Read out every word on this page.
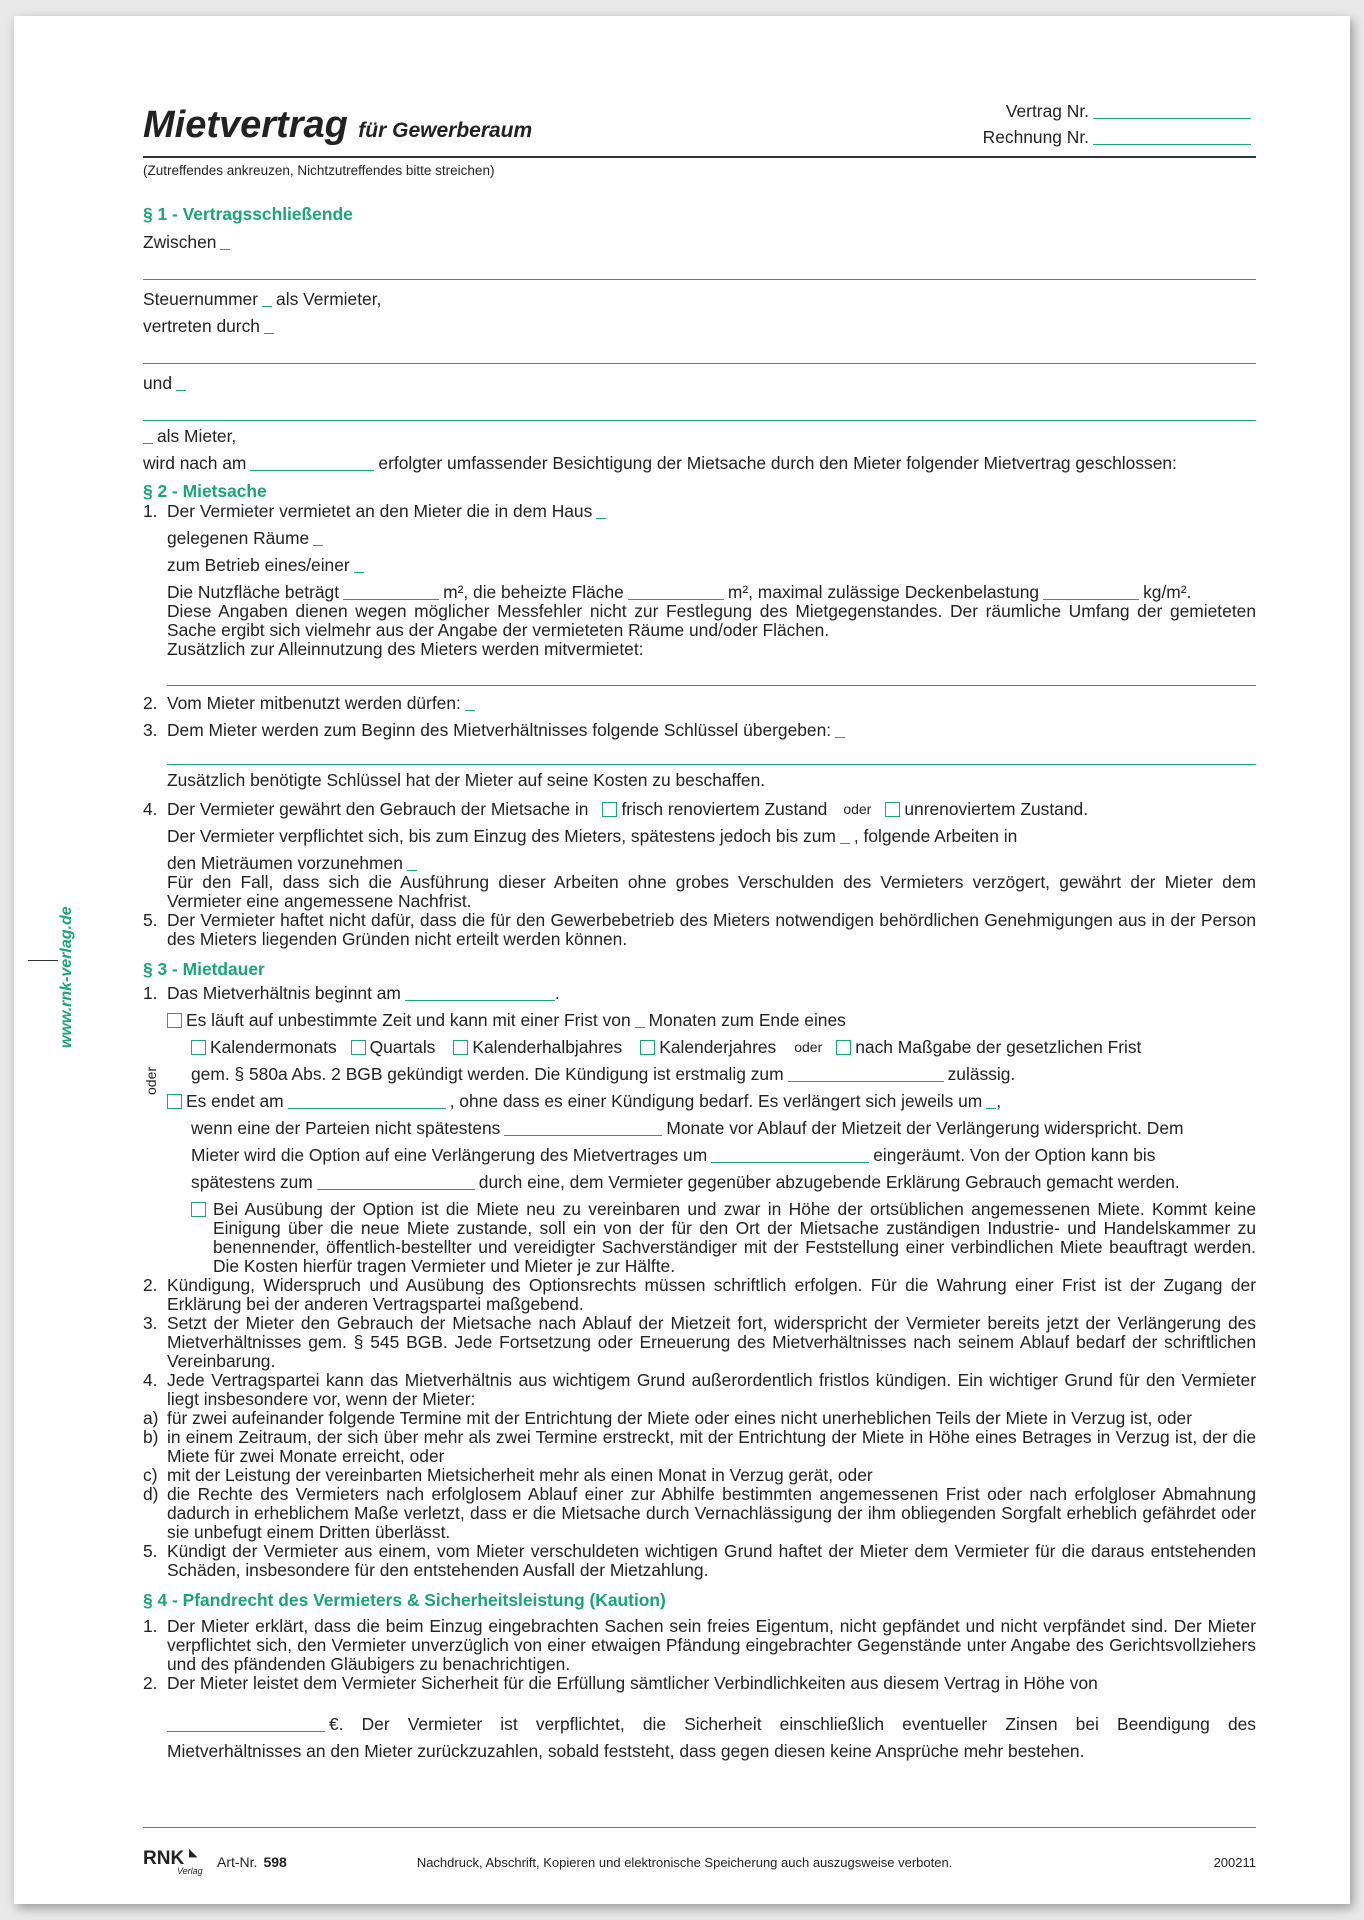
www.rnk-verlag.de
Mietvertrag für Gewerberaum
Vertrag Nr.
Rechnung Nr.
(Zutreffendes ankreuzen, Nichtzutreffendes bitte streichen)
§ 1 - Vertragsschließende
Zwischen
Steuernummer als Vermieter,
vertreten durch
und
als Mieter,
wird nach am	erfolgter umfassender Besichtigung der Mietsache durch den Mieter folgender Mietvertrag geschlossen:
§ 2 - Mietsache
1. Der Vermieter vermietet an den Mieter die in dem Haus
gelegenen Räume
zum Betrieb eines/einer
Die Nutzfläche beträgt	m², die beheizte Fläche	m², maximal zulässige Deckenbelastung	kg/m².
Diese Angaben dienen wegen möglicher Messfehler nicht zur Festlegung des Mietgegenstandes. Der räumliche Umfang der gemieteten Sache ergibt sich vielmehr aus der Angabe der vermieteten Räume und/oder Flächen.
Zusätzlich zur Alleinnutzung des Mieters werden mitvermietet:
2. Vom Mieter mitbenutzt werden dürfen:
3. Dem Mieter werden zum Beginn des Mietverhältnisses folgende Schlüssel übergeben:
Zusätzlich benötigte Schlüssel hat der Mieter auf seine Kosten zu beschaffen.
4. Der Vermieter gewährt den Gebrauch der Mietsache in frisch renoviertem Zustand oder unrenoviertem Zustand.
Der Vermieter verpflichtet sich, bis zum Einzug des Mieters, spätestens jedoch bis zum , folgende Arbeiten in
den Mieträumen vorzunehmen
Für den Fall, dass sich die Ausführung dieser Arbeiten ohne grobes Verschulden des Vermieters verzögert, gewährt der Mieter dem Vermieter eine angemessene Nachfrist.
5. Der Vermieter haftet nicht dafür, dass die für den Gewerbebetrieb des Mieters notwendigen behördlichen Genehmigungen aus in der Person des Mieters liegenden Gründen nicht erteilt werden können.
§ 3 - Mietdauer
1. Das Mietverhältnis beginnt am	.
Es läuft auf unbestimmte Zeit und kann mit einer Frist von Monaten zum Ende eines
oder
Kalendermonats Quartals Kalenderhalbjahres Kalenderjahres oder nach Maßgabe der gesetzlichen Frist
gem. § 580a Abs. 2 BGB gekündigt werden. Die Kündigung ist erstmalig zum	zulässig.
Es endet am	, ohne dass es einer Kündigung bedarf. Es verlängert sich jeweils um ,
wenn eine der Parteien nicht spätestens	Monate vor Ablauf der Mietzeit der Verlängerung widerspricht. Dem
Mieter wird die Option auf eine Verlängerung des Mietvertrages um	eingeräumt. Von der Option kann bis
spätestens zum	durch eine, dem Vermieter gegenüber abzugebende Erklärung Gebrauch gemacht werden.
Bei Ausübung der Option ist die Miete neu zu vereinbaren und zwar in Höhe der ortsüblichen angemessenen Miete. Kommt keine Einigung über die neue Miete zustande, soll ein von der für den Ort der Mietsache zuständigen Industrie- und Handelskammer zu benennender, öffentlich-bestellter und vereidigter Sachverständiger mit der Feststellung einer verbindlichen Miete beauftragt werden. Die Kosten hierfür tragen Vermieter und Mieter je zur Hälfte.
2. Kündigung, Widerspruch und Ausübung des Optionsrechts müssen schriftlich erfolgen. Für die Wahrung einer Frist ist der Zugang der Erklärung bei der anderen Vertragspartei maßgebend.
3. Setzt der Mieter den Gebrauch der Mietsache nach Ablauf der Mietzeit fort, widerspricht der Vermieter bereits jetzt der Verlängerung des Mietverhältnisses gem. § 545 BGB. Jede Fortsetzung oder Erneuerung des Mietverhältnisses nach seinem Ablauf bedarf der schriftlichen Vereinbarung.
4. Jede Vertragspartei kann das Mietverhältnis aus wichtigem Grund außerordentlich fristlos kündigen. Ein wichtiger Grund für den Vermieter liegt insbesondere vor, wenn der Mieter:
a) für zwei aufeinander folgende Termine mit der Entrichtung der Miete oder eines nicht unerheblichen Teils der Miete in Verzug ist, oder
b) in einem Zeitraum, der sich über mehr als zwei Termine erstreckt, mit der Entrichtung der Miete in Höhe eines Betrages in Verzug ist, der die Miete für zwei Monate erreicht, oder
c) mit der Leistung der vereinbarten Mietsicherheit mehr als einen Monat in Verzug gerät, oder
d) die Rechte des Vermieters nach erfolglosem Ablauf einer zur Abhilfe bestimmten angemessenen Frist oder nach erfolgloser Abmahnung dadurch in erheblichem Maße verletzt, dass er die Mietsache durch Vernachlässigung der ihm obliegenden Sorgfalt erheblich gefährdet oder sie unbefugt einem Dritten überlässt.
5. Kündigt der Vermieter aus einem, vom Mieter verschuldeten wichtigen Grund haftet der Mieter dem Vermieter für die daraus entstehenden Schäden, insbesondere für den entstehenden Ausfall der Mietzahlung.
§ 4 - Pfandrecht des Vermieters & Sicherheitsleistung (Kaution)
1. Der Mieter erklärt, dass die beim Einzug eingebrachten Sachen sein freies Eigentum, nicht gepfändet und nicht verpfändet sind. Der Mieter verpflichtet sich, den Vermieter unverzüglich von einer etwaigen Pfändung eingebrachter Gegenstände unter Angabe des Gerichtsvollziehers und des pfändenden Gläubigers zu benachrichtigen.
2. Der Mieter leistet dem Vermieter Sicherheit für die Erfüllung sämtlicher Verbindlichkeiten aus diesem Vertrag in Höhe von
€. Der Vermieter ist verpflichtet, die Sicherheit einschließlich eventueller Zinsen bei Beendigung des
Mietverhältnisses an den Mieter zurückzuzahlen, sobald feststeht, dass gegen diesen keine Ansprüche mehr bestehen.
RNK ◣
Verlag
Art-Nr. 598	Nachdruck, Abschrift, Kopieren und elektronische Speicherung auch auszugsweise verboten.	200211
